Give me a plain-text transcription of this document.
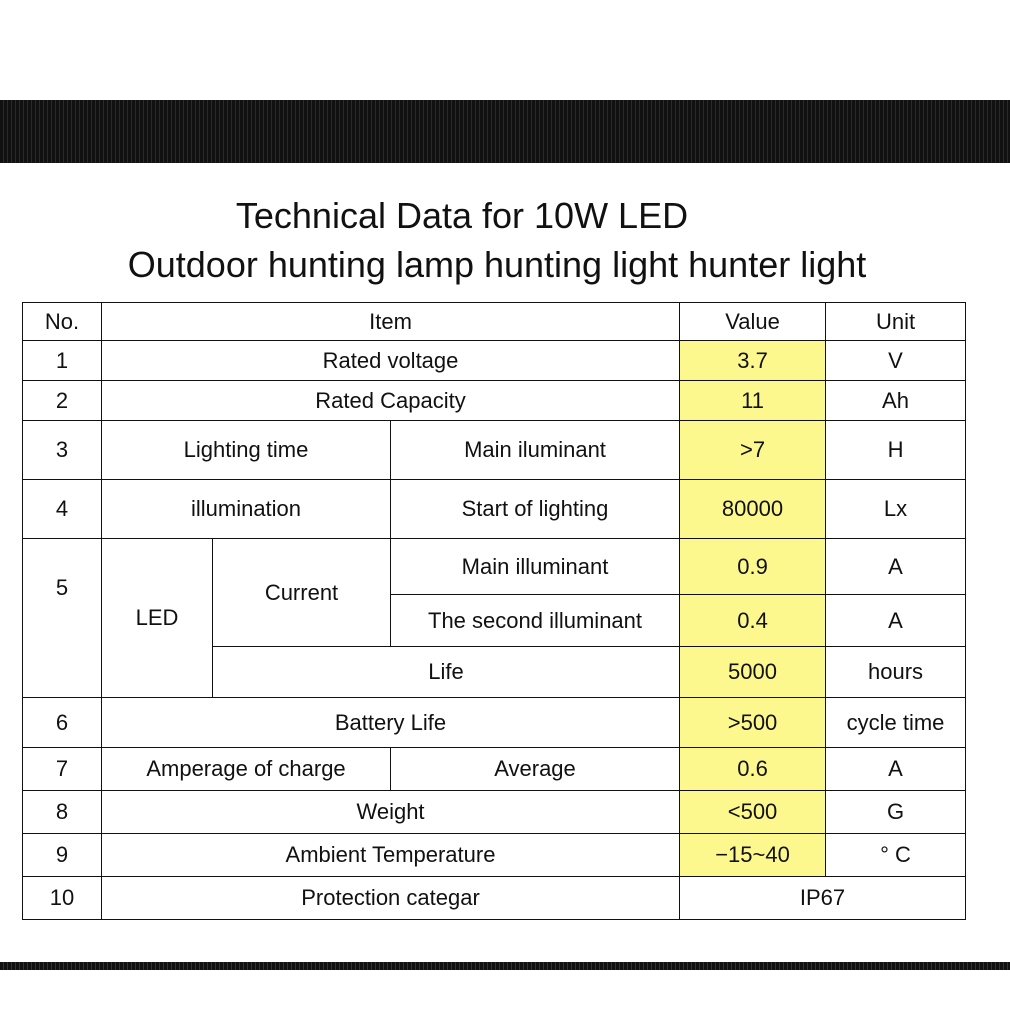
Technical Data for 10W LED
Outdoor hunting lamp hunting light hunter light
No.	Item			Value	Unit
1	Rated voltage			3.7	V
2	Rated Capacity			11	Ah
3	Lighting time		Main iluminant	>7	H
4	illumination		Start of lighting	80000	Lx
5	LED	Current	Main illuminant	0.9	A
			The second illuminant	0.4	A
		Life		5000	hours
6	Battery Life			>500	cycle time
7	Amperage of charge		Average	0.6	A
8	Weight			<500	G
9	Ambient Temperature			−15~40	° C
10	Protection categar			IP67	
